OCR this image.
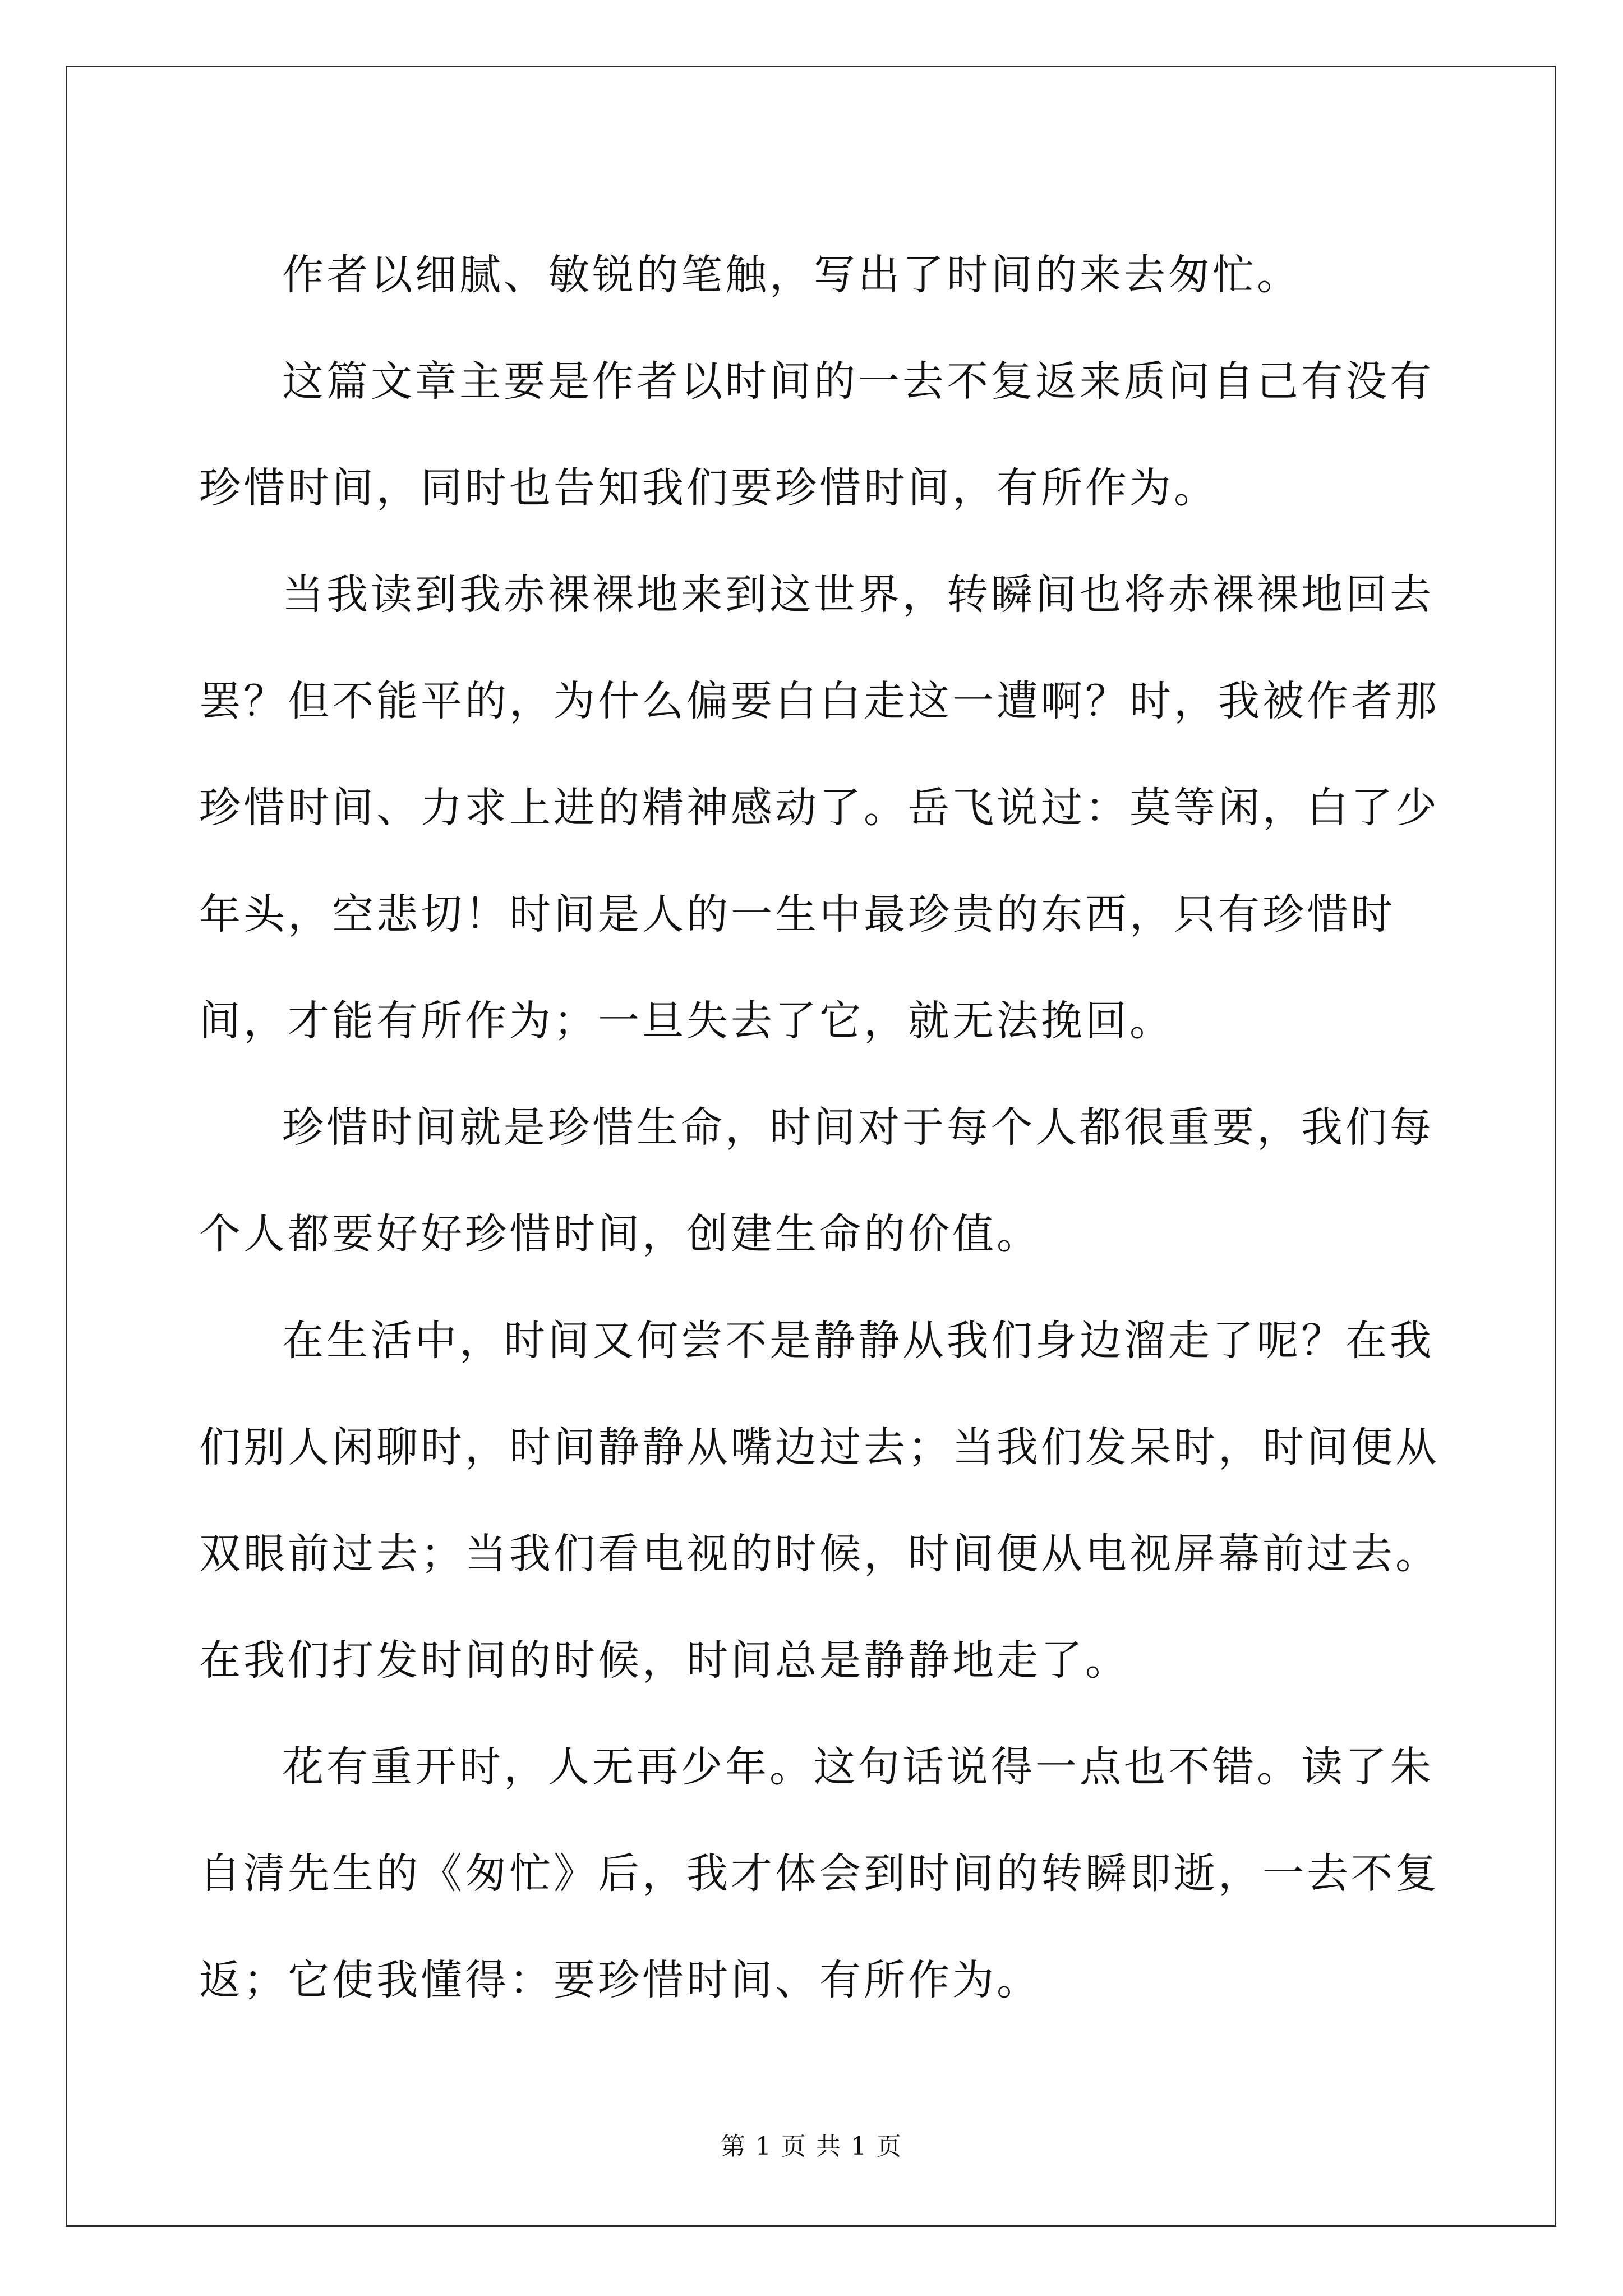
作者以细腻、敏锐的笔触，写出了时间的来去匆忙。

这篇文章主要是作者以时间的一去不复返来质问自己有没有珍惜时间，同时也告知我们要珍惜时间，有所作为。

当我读到我赤裸裸地来到这世界，转瞬间也将赤裸裸地回去罢？但不能平的，为什么偏要白白走这一遭啊？时，我被作者那珍惜时间、力求上进的精神感动了。岳飞说过：莫等闲，白了少年头，空悲切！时间是人的一生中最珍贵的东西，只有珍惜时间，才能有所作为；一旦失去了它，就无法挽回。

珍惜时间就是珍惜生命，时间对于每个人都很重要，我们每个人都要好好珍惜时间，创建生命的价值。

在生活中，时间又何尝不是静静从我们身边溜走了呢？在我们别人闲聊时，时间静静从嘴边过去；当我们发呆时，时间便从双眼前过去；当我们看电视的时候，时间便从电视屏幕前过去。在我们打发时间的时候，时间总是静静地走了。

花有重开时，人无再少年。这句话说得一点也不错。读了朱自清先生的《匆忙》后，我才体会到时间的转瞬即逝，一去不复返；它使我懂得：要珍惜时间、有所作为。

第 1 页 共 1 页
